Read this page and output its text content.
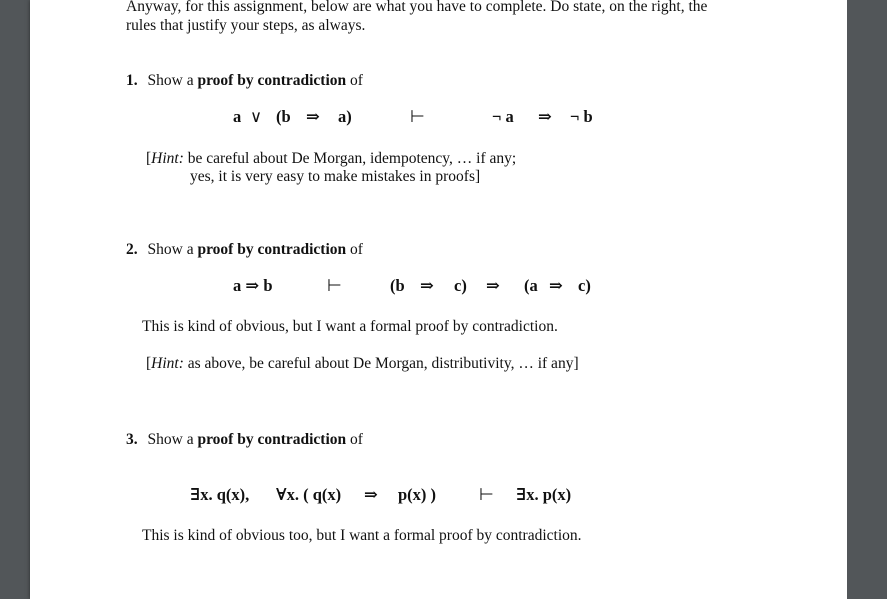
Anyway, for this assignment, below are what you have to complete. Do state, on the right, the
rules that justify your steps, as always.
1. Show a proof by contradiction of
a ∨ (b ⇒ a)	⊢	¬ a ⇒ ¬ b
[Hint: be careful about De Morgan, idempotency, … if any;
yes, it is very easy to make mistakes in proofs]
2. Show a proof by contradiction of
a ⇒ b	⊢	(b ⇒ c) ⇒ (a ⇒ c)
This is kind of obvious, but I want a formal proof by contradiction.
[Hint: as above, be careful about De Morgan, distributivity, … if any]
3. Show a proof by contradiction of
∃x. q(x), ∀x. ( q(x) ⇒ p(x) )	⊢ ∃x. p(x)
This is kind of obvious too, but I want a formal proof by contradiction.
